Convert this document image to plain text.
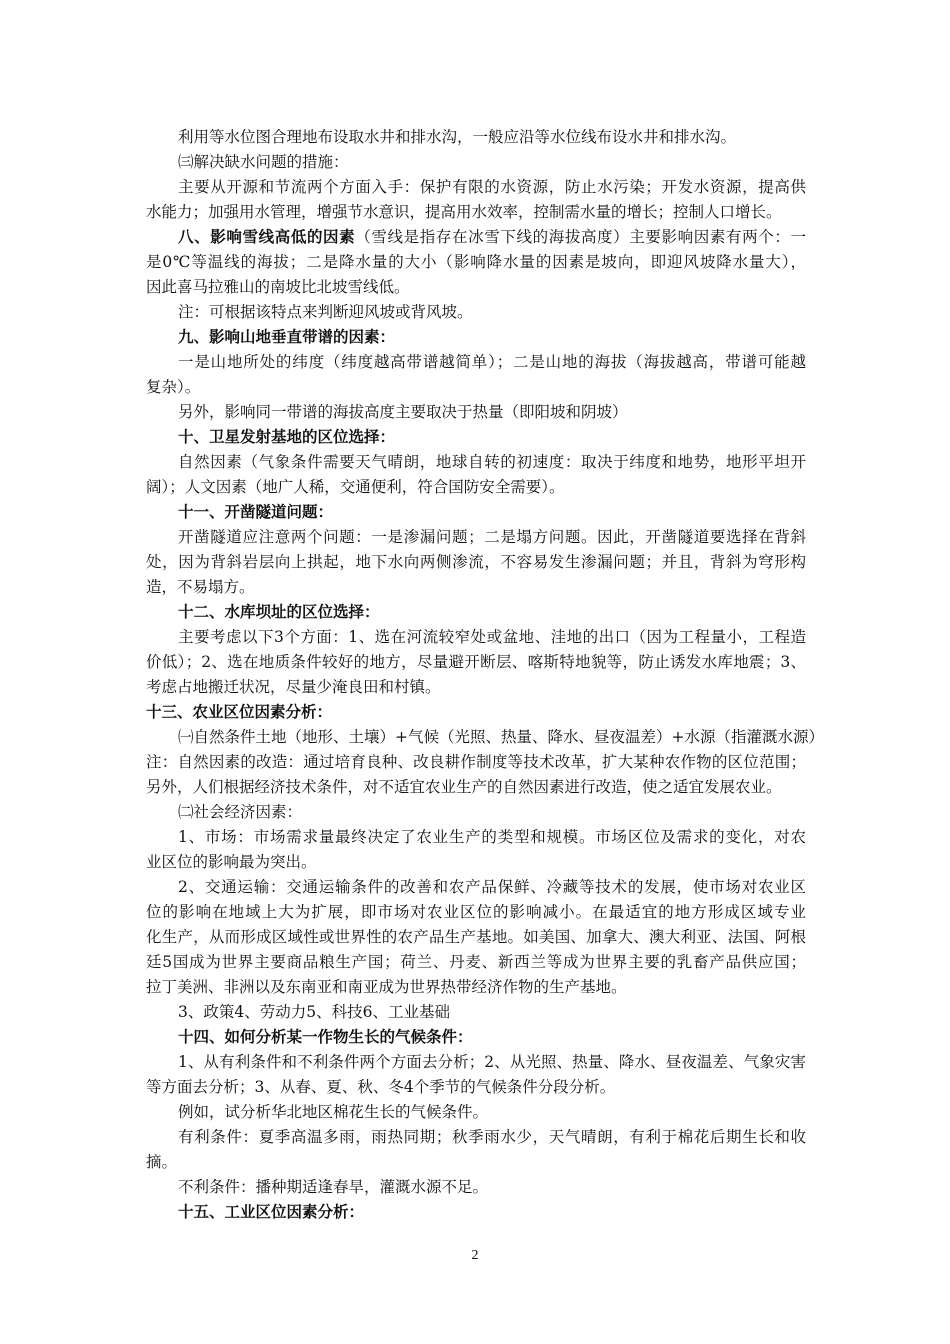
利用等水位图合理地布设取水井和排水沟，一般应沿等水位线布设水井和排水沟。
㈢解决缺水问题的措施：
主要从开源和节流两个方面入手：保护有限的水资源，防止水污染；开发水资源，提高供
水能力；加强用水管理，增强节水意识，提高用水效率，控制需水量的增长；控制人口增长。
八、影响雪线高低的因素（雪线是指存在冰雪下线的海拔高度）主要影响因素有两个：一
是0℃等温线的海拔；二是降水量的大小（影响降水量的因素是坡向，即迎风坡降水量大），
因此喜马拉雅山的南坡比北坡雪线低。
注：可根据该特点来判断迎风坡或背风坡。
九、影响山地垂直带谱的因素：
一是山地所处的纬度（纬度越高带谱越简单）；二是山地的海拔（海拔越高，带谱可能越
复杂）。
另外，影响同一带谱的海拔高度主要取决于热量（即阳坡和阴坡）
十、卫星发射基地的区位选择：
自然因素（气象条件需要天气晴朗，地球自转的初速度：取决于纬度和地势，地形平坦开
阔）；人文因素（地广人稀，交通便利，符合国防安全需要）。
十一、开凿隧道问题：
开凿隧道应注意两个问题：一是渗漏问题；二是塌方问题。因此，开凿隧道要选择在背斜
处，因为背斜岩层向上拱起，地下水向两侧渗流，不容易发生渗漏问题；并且，背斜为穹形构
造，不易塌方。
十二、水库坝址的区位选择：
主要考虑以下3个方面：1、选在河流较窄处或盆地、洼地的出口（因为工程量小，工程造
价低）；2、选在地质条件较好的地方，尽量避开断层、喀斯特地貌等，防止诱发水库地震；3、
考虑占地搬迁状况，尽量少淹良田和村镇。
十三、农业区位因素分析：
㈠自然条件土地（地形、土壤）+气候（光照、热量、降水、昼夜温差）+水源（指灌溉水源）
注：自然因素的改造：通过培育良种、改良耕作制度等技术改革，扩大某种农作物的区位范围；
另外，人们根据经济技术条件，对不适宜农业生产的自然因素进行改造，使之适宜发展农业。
㈡社会经济因素：
1、市场：市场需求量最终决定了农业生产的类型和规模。市场区位及需求的变化，对农
业区位的影响最为突出。
2、交通运输：交通运输条件的改善和农产品保鲜、冷藏等技术的发展，使市场对农业区
位的影响在地域上大为扩展，即市场对农业区位的影响减小。在最适宜的地方形成区域专业
化生产，从而形成区域性或世界性的农产品生产基地。如美国、加拿大、澳大利亚、法国、阿根
廷5国成为世界主要商品粮生产国；荷兰、丹麦、新西兰等成为世界主要的乳畜产品供应国；
拉丁美洲、非洲以及东南亚和南亚成为世界热带经济作物的生产基地。
3、政策4、劳动力5、科技6、工业基础
十四、如何分析某一作物生长的气候条件：
1、从有利条件和不利条件两个方面去分析；2、从光照、热量、降水、昼夜温差、气象灾害
等方面去分析；3、从春、夏、秋、冬4个季节的气候条件分段分析。
例如，试分析华北地区棉花生长的气候条件。
有利条件：夏季高温多雨，雨热同期；秋季雨水少，天气晴朗，有利于棉花后期生长和收
摘。
不利条件：播种期适逢春旱，灌溉水源不足。
十五、工业区位因素分析：
2
